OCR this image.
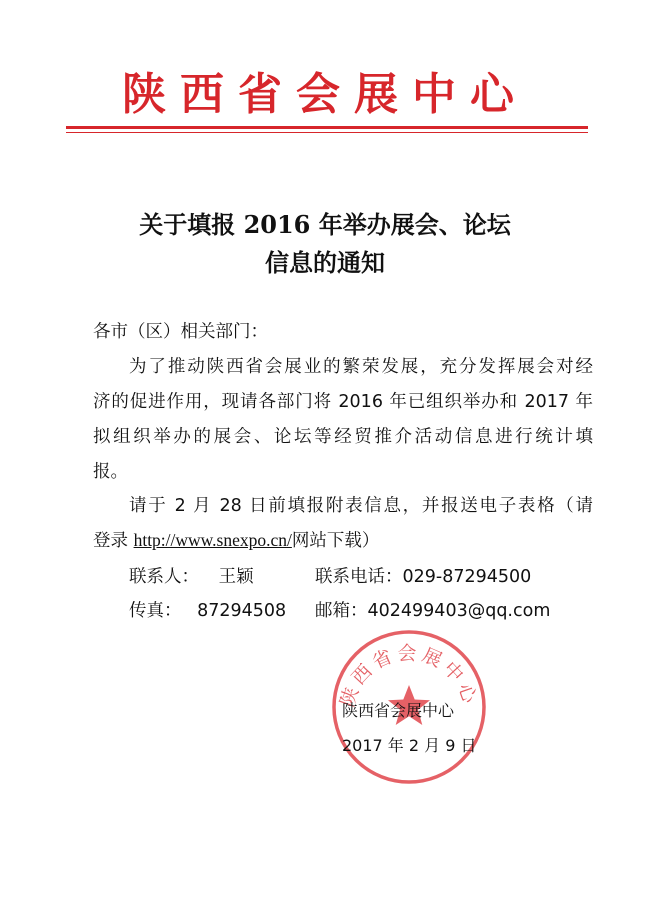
陕西省会展中心
关于填报 2016 年举办展会、论坛
信息的通知
各市（区）相关部门：
为了推动陕西省会展业的繁荣发展，充分发挥展会对经
济的促进作用，现请各部门将 2016 年已组织举办和 2017 年
拟组织举办的展会、论坛等经贸推介活动信息进行统计填
报。
请于 2 月 28 日前填报附表信息，并报送电子表格（请
登录 http://www.snexpo.cn/网站下载）
联系人： 王颖	联系电话：029-87294500
传真： 87294508 邮箱：402499403@qq.com
陕西省会展中心
陕西省会展中心
2017 年 2 月 9 日
